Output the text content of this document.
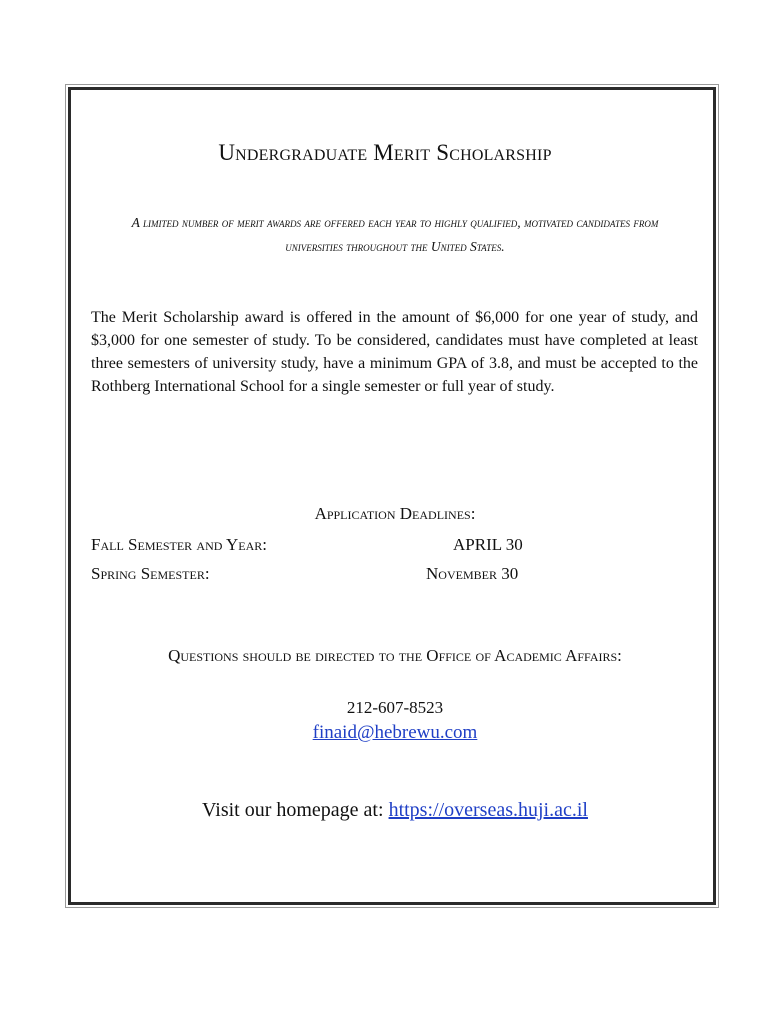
Undergraduate Merit Scholarship
A limited number of merit awards are offered each year to highly qualified, motivated candidates from universities throughout the United States.
The Merit Scholarship award is offered in the amount of $6,000 for one year of study, and $3,000 for one semester of study. To be considered, candidates must have completed at least three semesters of university study, have a minimum GPA of 3.8, and must be accepted to the Rothberg International School for a single semester or full year of study.
Application Deadlines:
Fall Semester and Year:	APRIL 30
Spring Semester:	November 30
Questions should be directed to the Office of Academic Affairs:
212-607-8523
finaid@hebrewu.com
Visit our homepage at: https://overseas.huji.ac.il
